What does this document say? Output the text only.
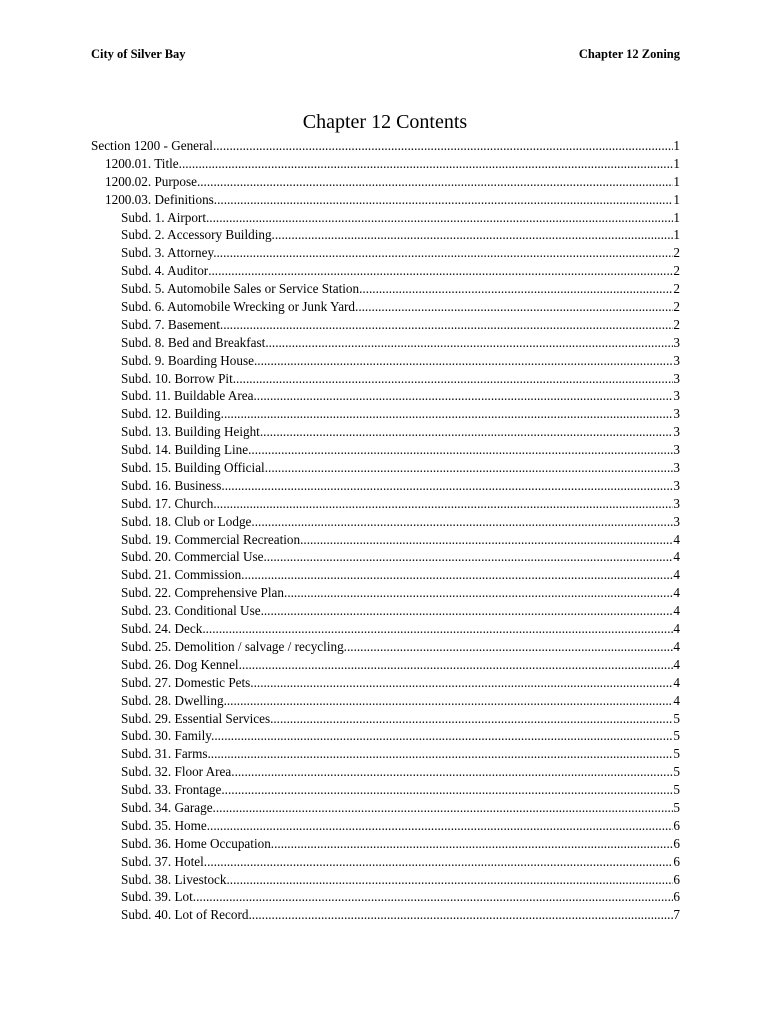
City of Silver Bay	Chapter 12 Zoning
Chapter 12 Contents
Section 1200 - General .....	1
1200.01. Title. .....	1
1200.02. Purpose .....	1
1200.03. Definitions .....	1
Subd. 1. Airport .....	1
Subd. 2. Accessory Building. .....	1
Subd. 3. Attorney. .....	2
Subd. 4. Auditor .....	2
Subd. 5. Automobile Sales or Service Station. .....	2
Subd. 6. Automobile Wrecking or Junk Yard .....	2
Subd. 7. Basement .....	2
Subd. 8. Bed and Breakfast .....	3
Subd. 9. Boarding House. .....	3
Subd. 10. Borrow Pit. .....	3
Subd. 11. Buildable Area. .....	3
Subd. 12. Building. .....	3
Subd. 13. Building Height. .....	3
Subd. 14. Building Line. .....	3
Subd. 15. Building Official .....	3
Subd. 16. Business. .....	3
Subd. 17. Church .....	3
Subd. 18. Club or Lodge. .....	3
Subd. 19. Commercial Recreation. .....	4
Subd. 20. Commercial Use. .....	4
Subd. 21. Commission. .....	4
Subd. 22. Comprehensive Plan. .....	4
Subd. 23. Conditional Use. .....	4
Subd. 24. Deck. .....	4
Subd. 25. Demolition / salvage / recycling. .....	4
Subd. 26. Dog Kennel. .....	4
Subd. 27. Domestic Pets. .....	4
Subd. 28. Dwelling. .....	4
Subd. 29. Essential Services. .....	5
Subd. 30. Family. .....	5
Subd. 31. Farms. .....	5
Subd. 32. Floor Area. .....	5
Subd. 33. Frontage. .....	5
Subd. 34. Garage. .....	5
Subd. 35. Home .....	6
Subd. 36. Home Occupation. .....	6
Subd. 37. Hotel. .....	6
Subd. 38. Livestock .....	6
Subd. 39. Lot. .....	6
Subd. 40. Lot of Record. .....	7
